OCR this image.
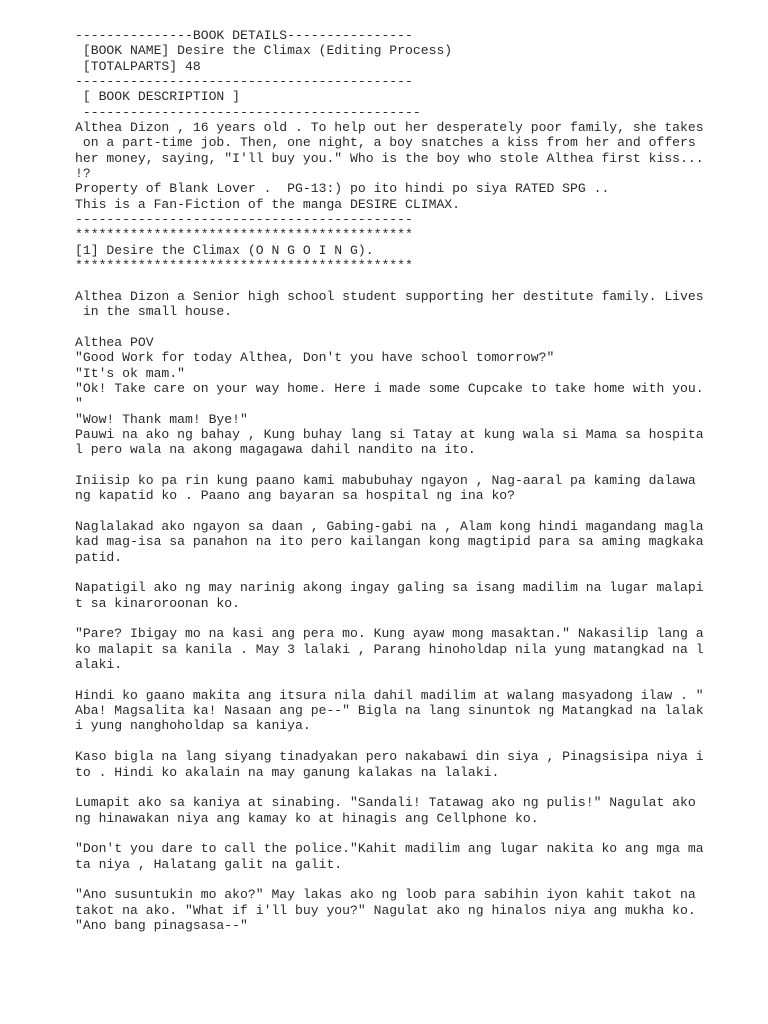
---------------BOOK DETAILS----------------
[BOOK NAME] Desire the Climax (Editing Process)
[TOTALPARTS] 48
-------------------------------------------
[ BOOK DESCRIPTION ]
-------------------------------------------
Althea Dizon , 16 years old . To help out her desperately poor family, she takes
on a part-time job. Then, one night, a boy snatches a kiss from her and offers
her money, saying, "I'll buy you." Who is the boy who stole Althea first kiss...
!?
Property of Blank Lover .  PG-13:) po ito hindi po siya RATED SPG ..
This is a Fan-Fiction of the manga DESIRE CLIMAX.
-------------------------------------------
*******************************************
[1] Desire the Climax (O N G O I N G).
*******************************************
Althea Dizon a Senior high school student supporting her destitute family. Lives
in the small house.
Althea POV
"Good Work for today Althea, Don't you have school tomorrow?"
"It's ok mam."
"Ok! Take care on your way home. Here i made some Cupcake to take home with you.
"
"Wow! Thank mam! Bye!"
Pauwi na ako ng bahay , Kung buhay lang si Tatay at kung wala si Mama sa hospita
l pero wala na akong magagawa dahil nandito na ito.
Iniisip ko pa rin kung paano kami mabubuhay ngayon , Nag-aaral pa kaming dalawa
ng kapatid ko . Paano ang bayaran sa hospital ng ina ko?
Naglalakad ako ngayon sa daan , Gabing-gabi na , Alam kong hindi magandang magla
kad mag-isa sa panahon na ito pero kailangan kong magtipid para sa aming magkaka
patid.
Napatigil ako ng may narinig akong ingay galing sa isang madilim na lugar malapi
t sa kinaroroonan ko.
"Pare? Ibigay mo na kasi ang pera mo. Kung ayaw mong masaktan." Nakasilip lang a
ko malapit sa kanila . May 3 lalaki , Parang hinoholdap nila yung matangkad na l
alaki.
Hindi ko gaano makita ang itsura nila dahil madilim at walang masyadong ilaw . "
Aba! Magsalita ka! Nasaan ang pe--" Bigla na lang sinuntok ng Matangkad na lalak
i yung nanghoholdap sa kaniya.
Kaso bigla na lang siyang tinadyakan pero nakabawi din siya , Pinagsisipa niya i
to . Hindi ko akalain na may ganung kalakas na lalaki.
Lumapit ako sa kaniya at sinabing. "Sandali! Tatawag ako ng pulis!" Nagulat ako
ng hinawakan niya ang kamay ko at hinagis ang Cellphone ko.
"Don't you dare to call the police."Kahit madilim ang lugar nakita ko ang mga ma
ta niya , Halatang galit na galit.
"Ano susuntukin mo ako?" May lakas ako ng loob para sabihin iyon kahit takot na
takot na ako. "What if i'll buy you?" Nagulat ako ng hinalos niya ang mukha ko.
"Ano bang pinagsasa--"
